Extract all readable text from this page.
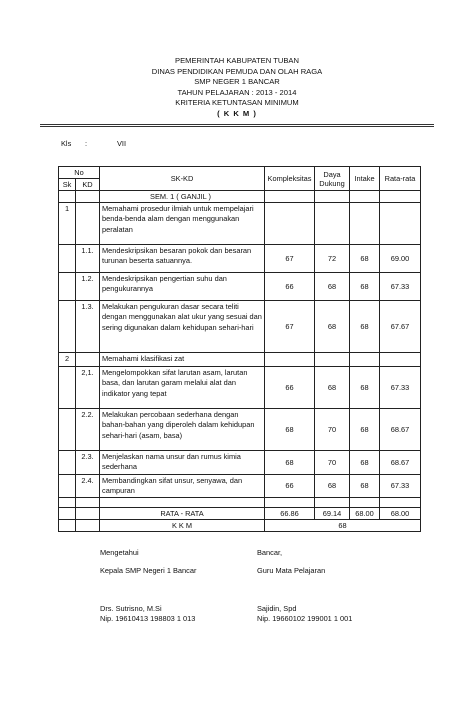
PEMERINTAH KABUPATEN TUBAN
DINAS PENDIDIKAN PEMUDA DAN OLAH RAGA
SMP NEGER 1 BANCAR
TAHUN PELAJARAN : 2013 - 2014
KRITERIA KETUNTASAN MINIMUM
( K K M )
Kls :	VII
No		SK-KD	Kompleksitas	Daya Dukung	Intake	Rata-rata
Sk	KD					
		SEM. 1 ( GANJIL )				
1		Memahami prosedur ilmiah untuk mempelajari benda-benda alam dengan menggunakan peralatan				
	1.1.	Mendeskripsikan besaran pokok dan besaran turunan beserta satuannya.	67	72	68	69.00
	1.2.	Mendeskripsikan pengertian suhu dan pengukurannya	66	68	68	67.33
	1.3.	Melakukan pengukuran dasar secara teliti dengan menggunakan alat ukur yang sesuai dan sering digunakan dalam kehidupan sehari-hari	67	68	68	67.67
2		Memahami klasifikasi zat				
	2,1.	Mengelompokkan sifat larutan asam, larutan basa, dan larutan garam melalui alat dan indikator yang tepat	66	68	68	67.33
	2.2.	Melakukan percobaan sederhana dengan bahan-bahan yang diperoleh dalam kehidupan sehari-hari (asam, basa)	68	70	68	68.67
	2.3.	Menjelaskan nama unsur dan rumus kimia sederhana	68	70	68	68.67
	2.4.	Membandingkan sifat unsur, senyawa, dan campuran	66	68	68	67.33

		RATA - RATA	66.86	69.14	68.00	68.00
		K K M	68			
Mengetahui
Kepala SMP Negeri 1 Bancar
Drs. Sutrisno, M.Si
Nip. 19610413 198803 1 013
Bancar,
Guru Mata Pelajaran
Sajidin, Spd
Nip. 19660102 199001 1 001
